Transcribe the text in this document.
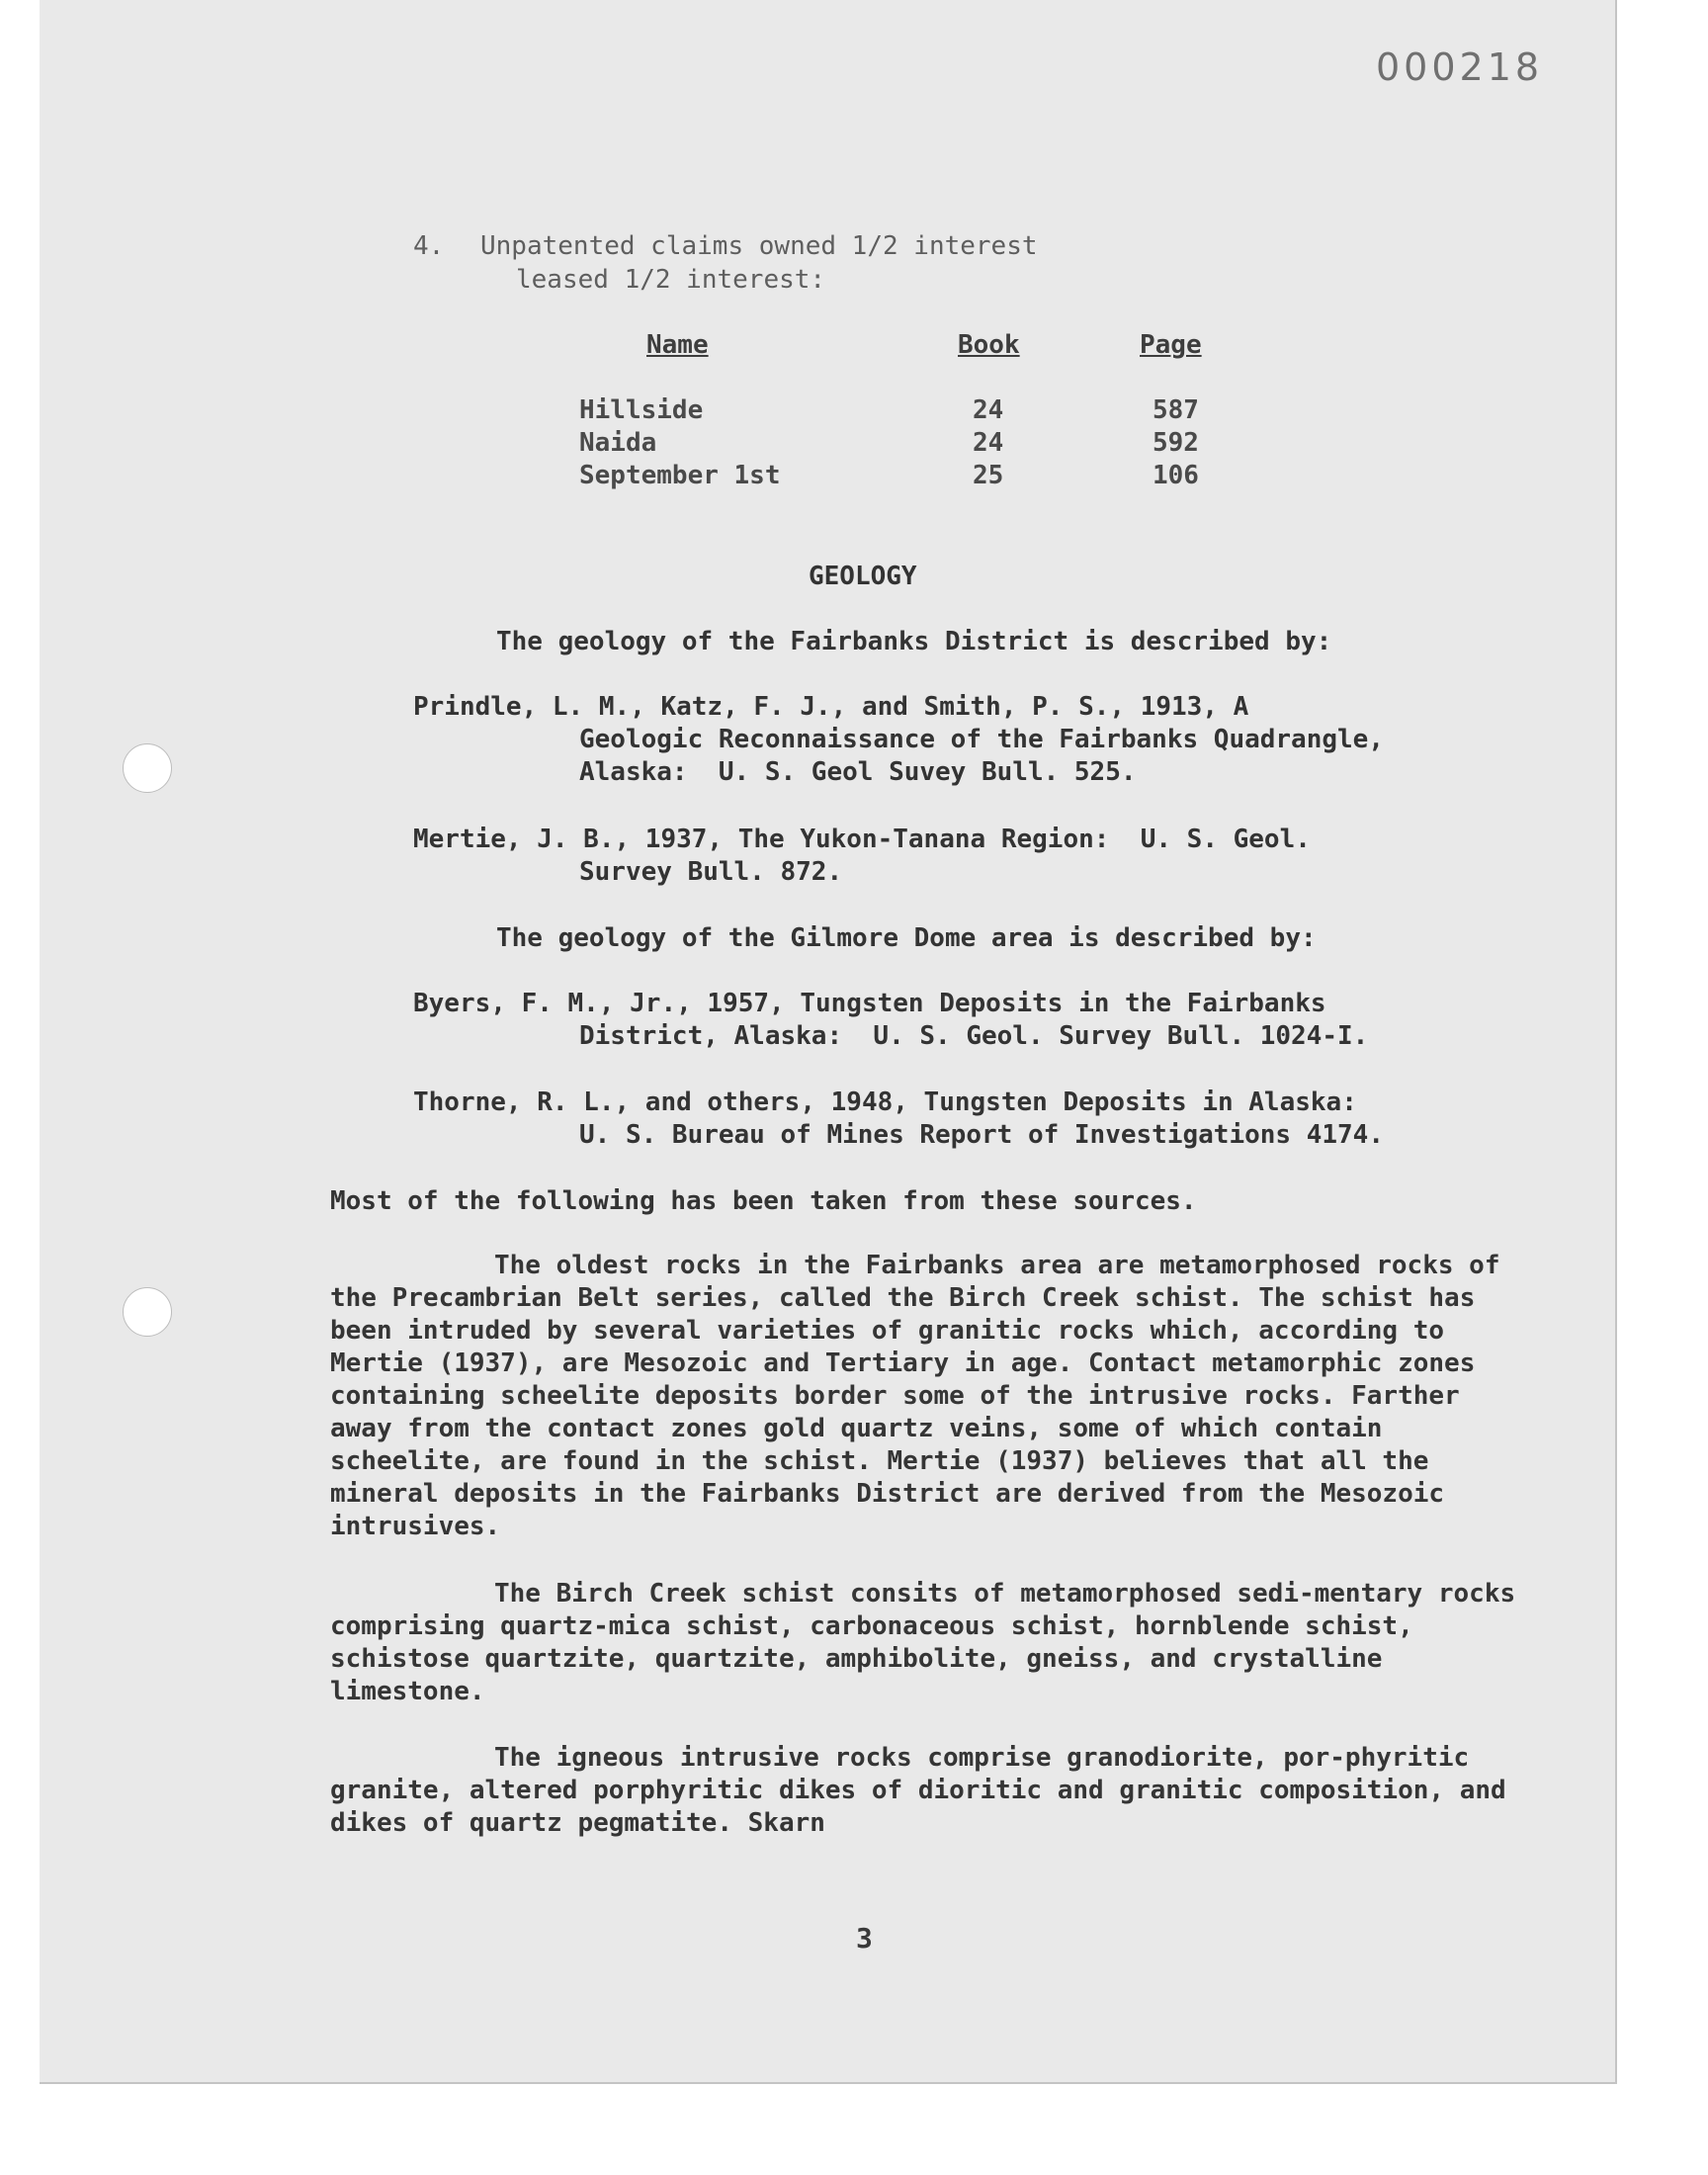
000218
4. Unpatented claims owned 1/2 interest
leased 1/2 interest:
Name	Book	Page
Hillside	24	587
Naida	24	592
September 1st	25	106
GEOLOGY
The geology of the Fairbanks District is described by:
Prindle, L. M., Katz, F. J., and Smith, P. S., 1913, A
Geologic Reconnaissance of the Fairbanks Quadrangle,
Alaska:  U. S. Geol Suvey Bull. 525.
Mertie, J. B., 1937, The Yukon-Tanana Region:  U. S. Geol.
Survey Bull. 872.
The geology of the Gilmore Dome area is described by:
Byers, F. M., Jr., 1957, Tungsten Deposits in the Fairbanks
District, Alaska:  U. S. Geol. Survey Bull. 1024-I.
Thorne, R. L., and others, 1948, Tungsten Deposits in Alaska:
U. S. Bureau of Mines Report of Investigations 4174.
Most of the following has been taken from these sources.

The oldest rocks in the Fairbanks area are metamorphosed rocks of the Precambrian Belt series, called the Birch Creek schist. The schist has been intruded by several varieties of granitic rocks which, according to Mertie (1937), are Mesozoic and Tertiary in age. Contact metamorphic zones containing scheelite deposits border some of the intrusive rocks. Farther away from the contact zones gold quartz veins, some of which contain scheelite, are found in the schist. Mertie (1937) believes that all the mineral deposits in the Fairbanks District are derived from the Mesozoic intrusives.

The Birch Creek schist consits of metamorphosed sedi-mentary rocks comprising quartz-mica schist, carbonaceous schist, hornblende schist, schistose quartzite, quartzite, amphibolite, gneiss, and crystalline limestone.

The igneous intrusive rocks comprise granodiorite, por-phyritic granite, altered porphyritic dikes of dioritic and granitic composition, and dikes of quartz pegmatite. Skarn

3
